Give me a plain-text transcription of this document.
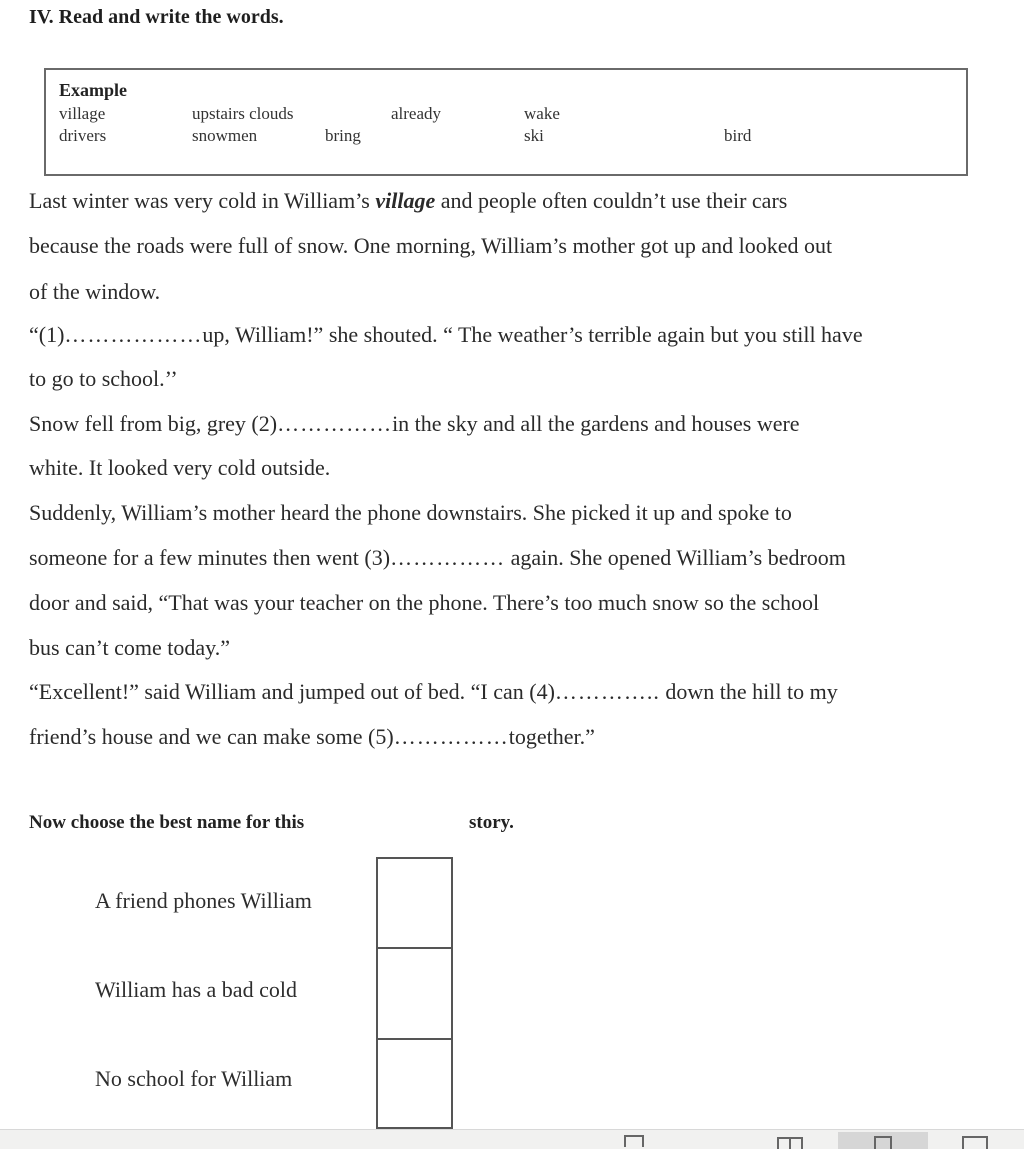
IV. Read and write the words.
Example
village	upstairs clouds	already	wake
drivers	snowmen	bring	ski	bird
Last winter was very cold in William’s village and people often couldn’t use their cars
because the roads were full of snow. One morning, William’s mother got up and looked out
of the window.
“(1)………………up, William!” she shouted. “ The weather’s terrible again but you still have
to go to school.’’
Snow fell from big, grey (2)……………in the sky and all the gardens and houses were
white. It looked very cold outside.
Suddenly, William’s mother heard the phone downstairs. She picked it up and spoke to
someone for a few minutes then went (3)…………… again. She opened William’s bedroom
door and said, “That was your teacher on the phone. There’s too much snow so the school
bus can’t come today.”
“Excellent!” said William and jumped out of bed. “I can (4)………….. down the hill to my
friend’s house and we can make some (5)……………together.”
Now choose the best name for this	story.
A friend phones William
William has a bad cold
No school for William
